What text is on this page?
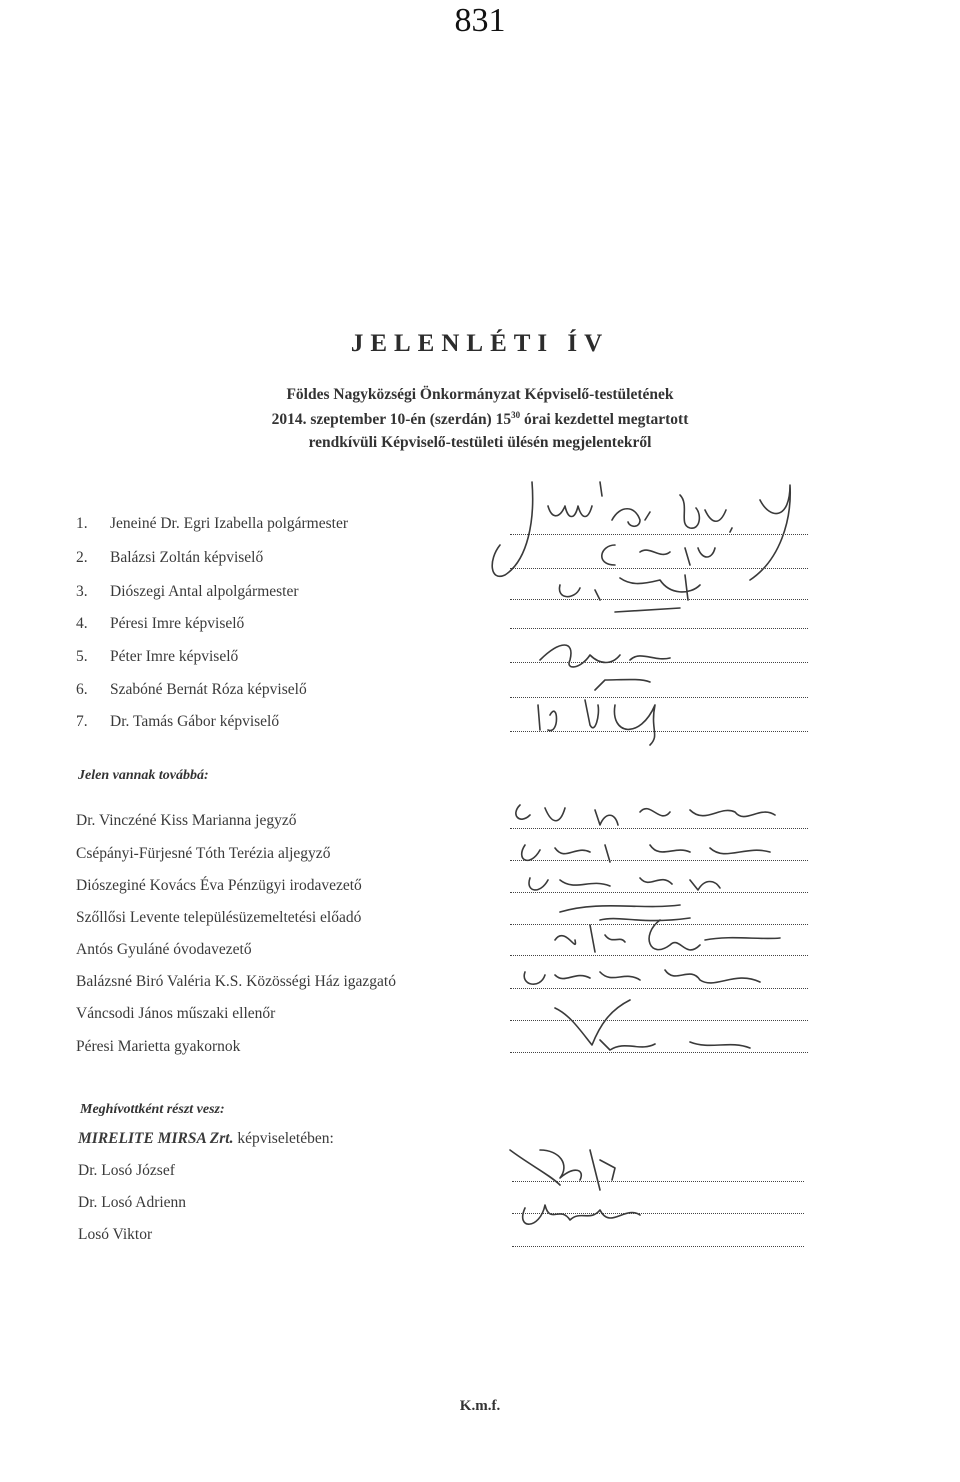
831
JELENLÉTI ÍV
Földes Nagyközségi Önkormányzat Képviselő-testületének
2014. szeptember 10-én (szerdán) $15^{30}$ órai kezdettel megtartott
rendkívüli Képviselő-testületi ülésén megjelentekről
1. Jeneiné Dr. Egri Izabella polgármester
2. Balázsi Zoltán képviselő
3. Diószegi Antal alpolgármester
4. Péresi Imre képviselő
5. Péter Imre képviselő
6. Szabóné Bernát Róza képviselő
7. Dr. Tamás Gábor képviselő
Jelen vannak továbbá:
Dr. Vinczéné Kiss Marianna jegyző
Csépányi-Fürjesné Tóth Terézia aljegyző
Diószeginé Kovács Éva Pénzügyi irodavezető
Szőllősi Levente településüzemeltetési előadó
Antós Gyuláné óvodavezető
Balázsné Biró Valéria K.S. Közösségi Ház igazgató
Váncsodi János műszaki ellenőr
Péresi Marietta gyakornok
Meghívottként részt vesz:
MIRELITE MIRSA Zrt. képviseletében:
Dr. Losó József
Dr. Losó Adrienn
Losó Viktor
K.m.f.
